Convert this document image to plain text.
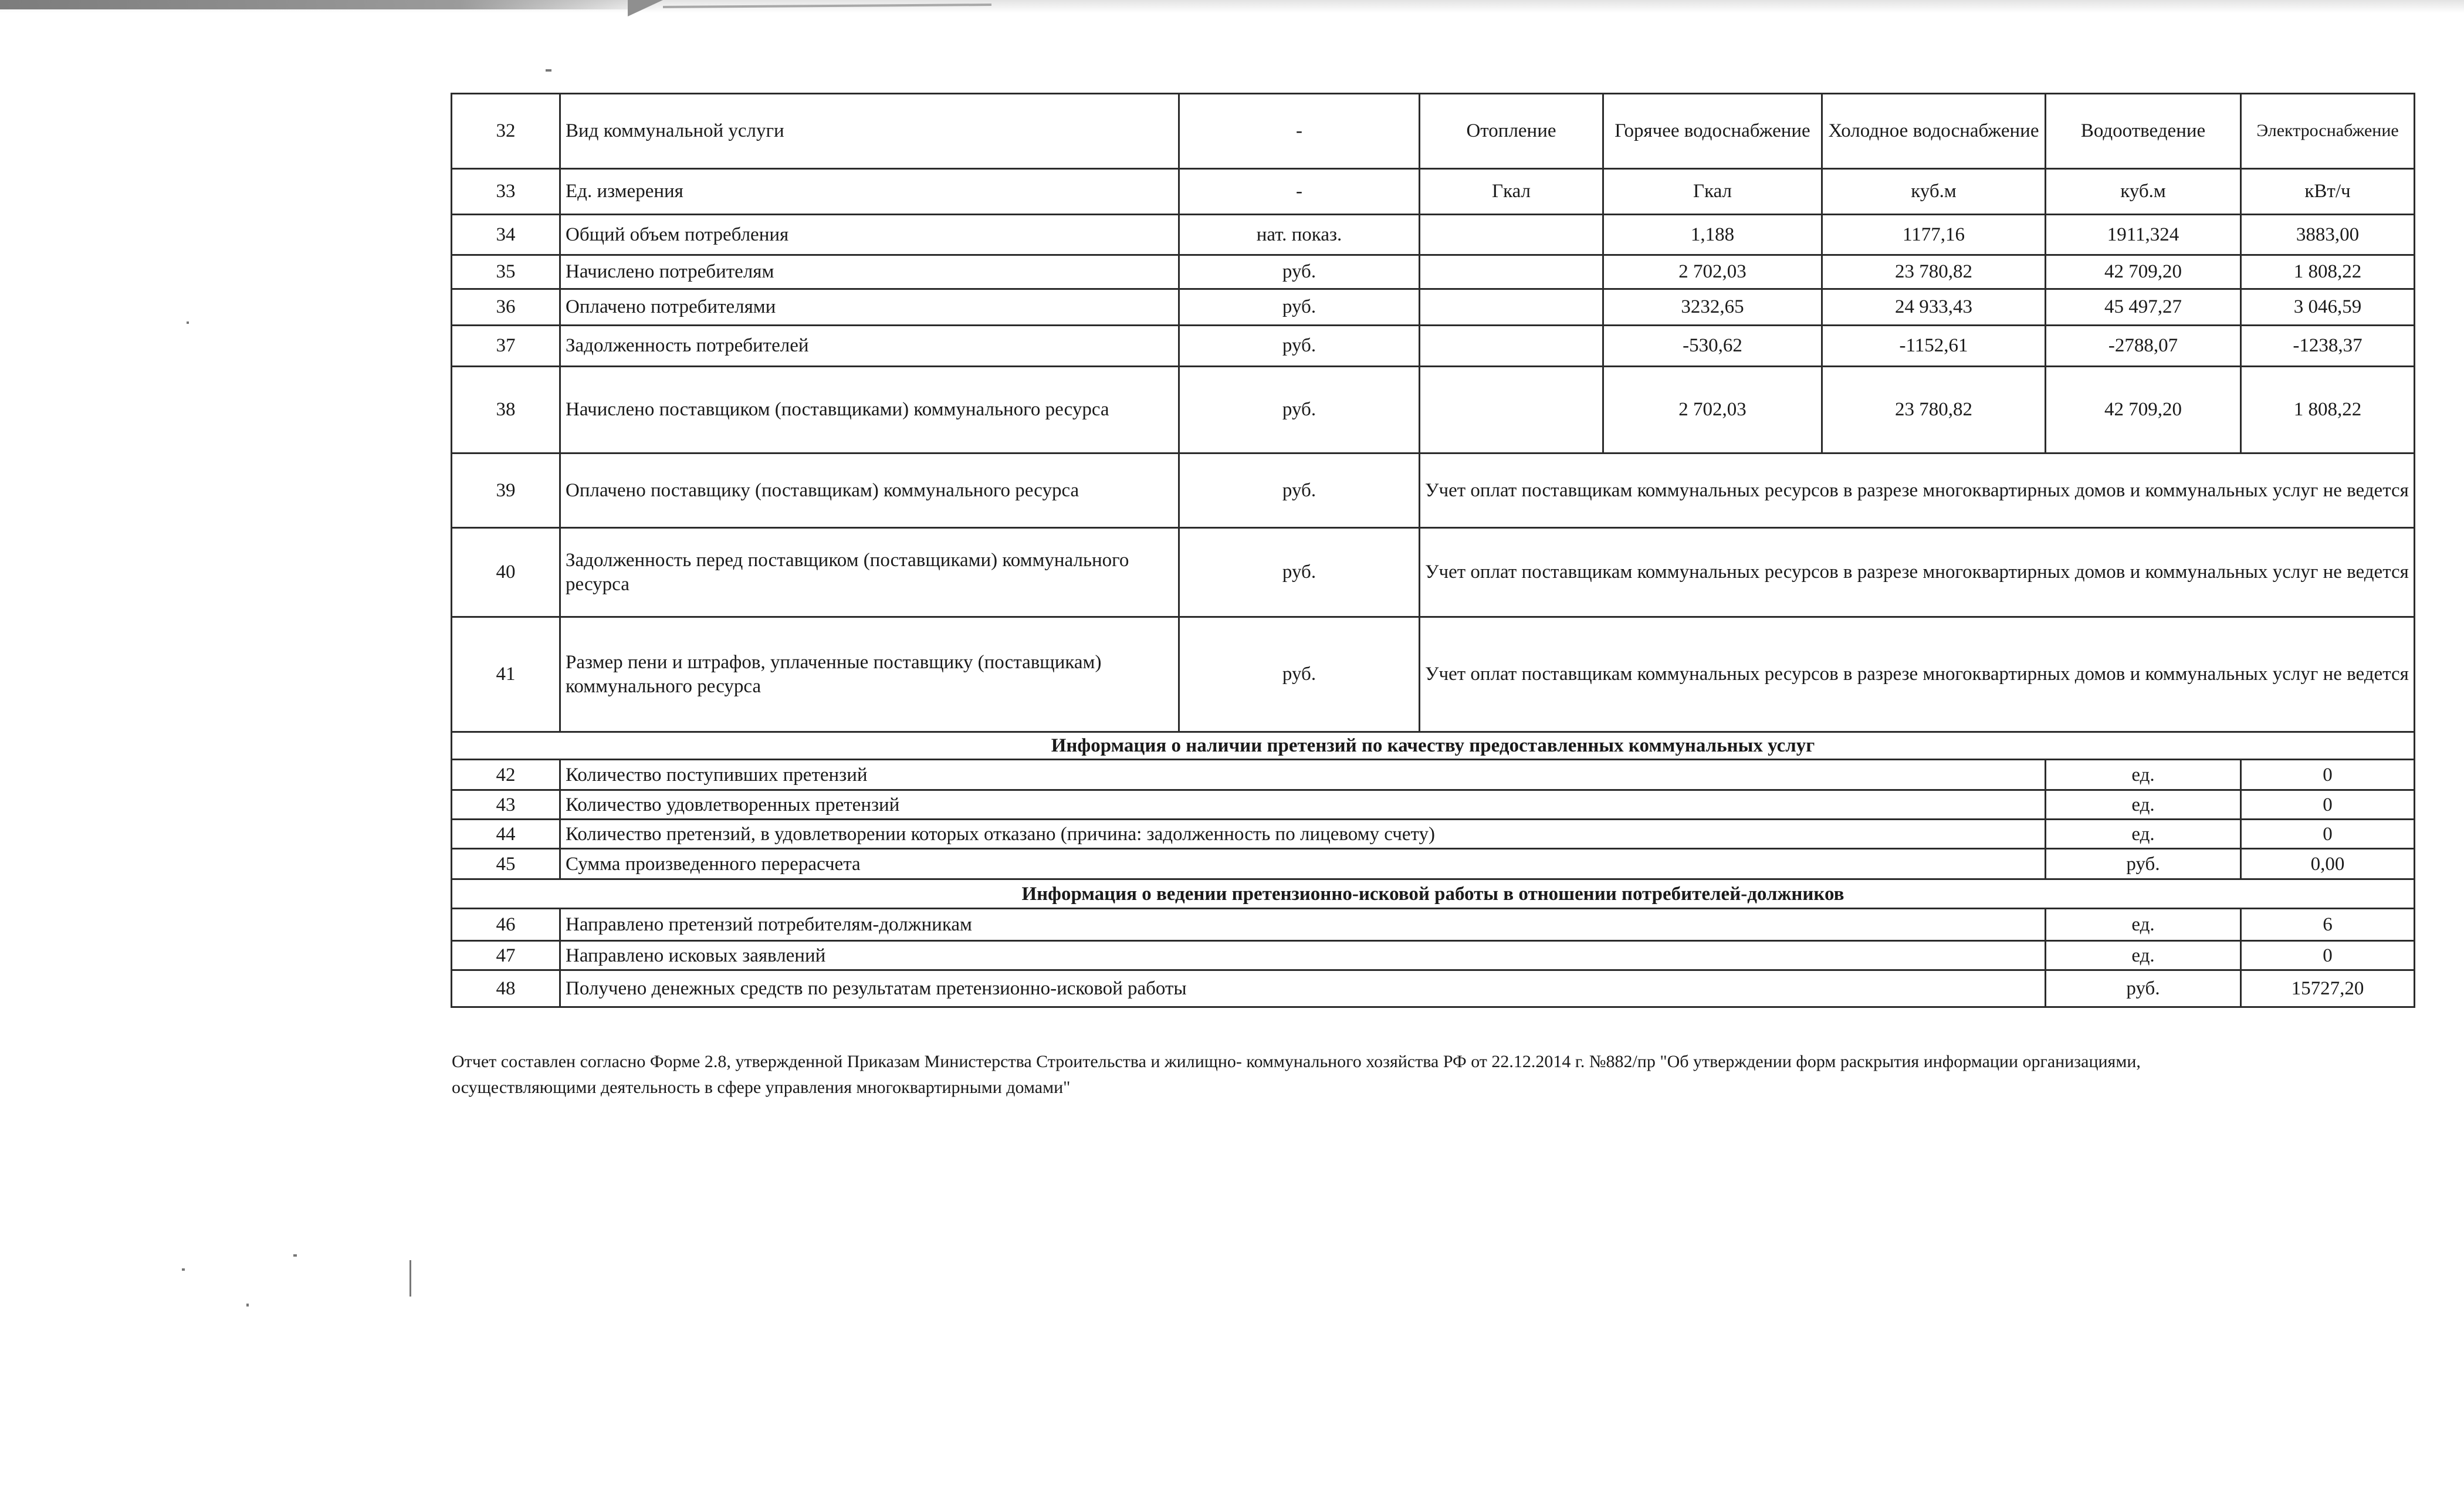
32	Вид коммунальной услуги	-	Отопление	Горячее водоснабжение	Холодное водоснабжение	Водоотведение	Электроснабжение
33	Ед. измерения	-	Гкал	Гкал	куб.м	куб.м	кВт/ч
34	Общий объем потребления	нат. показ.		1,188	1177,16	1911,324	3883,00
35	Начислено потребителям	руб.		2 702,03	23 780,82	42 709,20	1 808,22
36	Оплачено потребителями	руб.		3232,65	24 933,43	45 497,27	3 046,59
37	Задолженность потребителей	руб.		-530,62	-1152,61	-2788,07	-1238,37
38	Начислено поставщиком (поставщиками) коммунального ресурса	руб.		2 702,03	23 780,82	42 709,20	1 808,22
39	Оплачено поставщику (поставщикам) коммунального ресурса	руб.	Учет оплат поставщикам коммунальных ресурсов в разрезе многоквартирных домов и коммунальных услуг не ведется				
40	Задолженность перед поставщиком (поставщиками) коммунального ресурса	руб.	Учет оплат поставщикам коммунальных ресурсов в разрезе многоквартирных домов и коммунальных услуг не ведется				
41	Размер пени и штрафов, уплаченные поставщику (поставщикам) коммунального ресурса	руб.	Учет оплат поставщикам коммунальных ресурсов в разрезе многоквартирных домов и коммунальных услуг не ведется				
Информация о наличии претензий по качеству предоставленных коммунальных услуг							
42	Количество поступивших претензий					ед.	0
43	Количество удовлетворенных претензий					ед.	0
44	Количество претензий, в удовлетворении которых отказано (причина: задолженность по лицевому счету)					ед.	0
45	Сумма произведенного перерасчета					руб.	0,00
Информация о ведении претензионно-исковой работы в отношении потребителей-должников							
46	Направлено претензий потребителям-должникам					ед.	6
47	Направлено исковых заявлений					ед.	0
48	Получено денежных средств по результатам претензионно-исковой работы					руб.	15727,20
Отчет составлен согласно Форме 2.8, утвержденной Приказам Министерства Строительства и жилищно- коммунального хозяйства РФ от 22.12.2014 г. №882/пр "Об утверждении форм раскрытия информации организациями,
осуществляющими деятельность в сфере управления многоквартирными домами"
